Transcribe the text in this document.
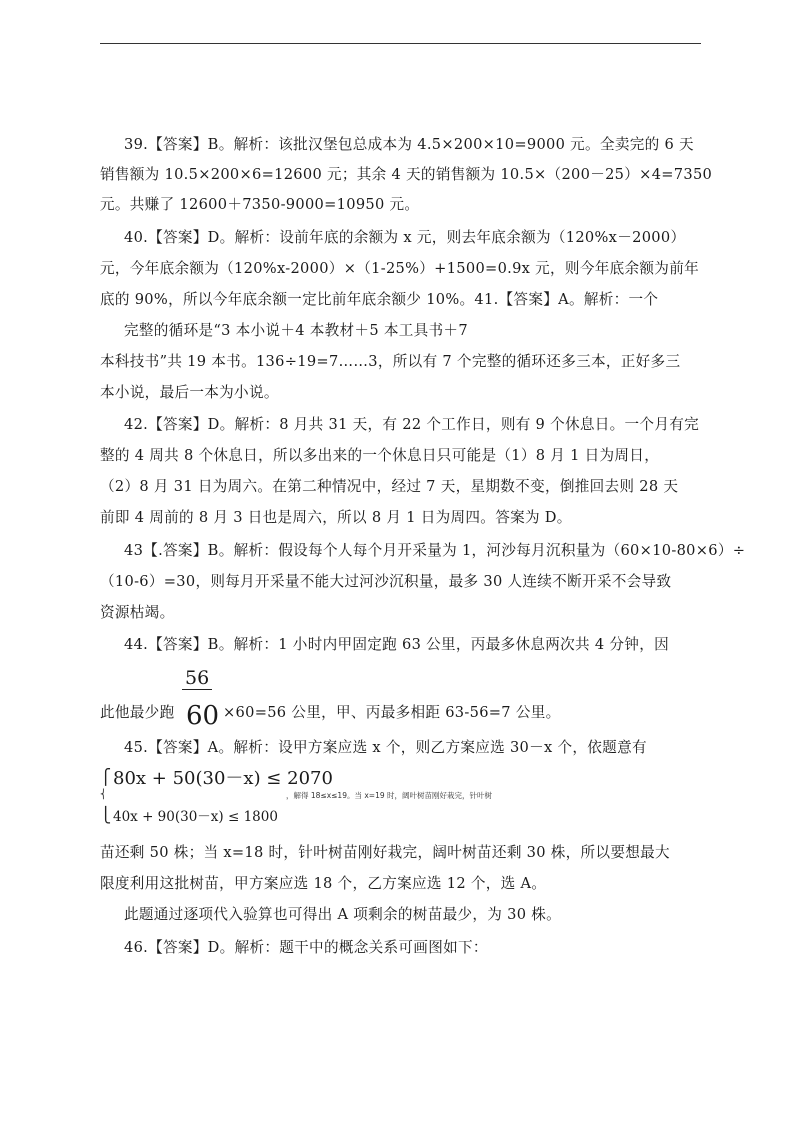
39.【答案】B。解析：该批汉堡包总成本为 4.5×200×10=9000 元。全卖完的 6 天
销售额为 10.5×200×6=12600 元；其余 4 天的销售额为 10.5×（200－25）×4=7350
元。共赚了 12600＋7350-9000=10950 元。
40.【答案】D。解析：设前年底的余额为 x 元，则去年底余额为（120%x－2000）
元，今年底余额为（120%x-2000）×（1-25%）+1500=0.9x 元，则今年底余额为前年
底的 90%，所以今年底余额一定比前年底余额少 10%。41.【答案】A。解析：一个
完整的循环是“3 本小说＋4 本教材＋5 本工具书＋7
本科技书”共 19 本书。136÷19=7……3，所以有 7 个完整的循环还多三本，正好多三
本小说，最后一本为小说。
42.【答案】D。解析：8 月共 31 天，有 22 个工作日，则有 9 个休息日。一个月有完
整的 4 周共 8 个休息日，所以多出来的一个休息日只可能是（1）8 月 1 日为周日，
（2）8 月 31 日为周六。在第二种情况中，经过 7 天，星期数不变，倒推回去则 28 天
前即 4 周前的 8 月 3 日也是周六，所以 8 月 1 日为周四。答案为 D。
43【.答案】B。解析：假设每个人每个月开采量为 1，河沙每月沉积量为（60×10-80×6）÷
（10-6）=30，则每月开采量不能大过河沙沉积量，最多 30 人连续不断开采不会导致
资源枯竭。
44.【答案】B。解析：1 小时内甲固定跑 63 公里，丙最多休息两次共 4 分钟，因
56
60
此他最少跑	×60=56 公里，甲、丙最多相距 63-56=7 公里。
45.【答案】A。解析：设甲方案应选 x 个，则乙方案应选 30－x 个，依题意有
⎧
⎨
⎩
80x + 50(30－x) ≤ 2070
，解得 18≤x≤19。当 x=19 时，阔叶树苗刚好栽完，针叶树
40x + 90(30－x) ≤ 1800
苗还剩 50 株；当 x=18 时，针叶树苗刚好栽完，阔叶树苗还剩 30 株，所以要想最大
限度利用这批树苗，甲方案应选 18 个，乙方案应选 12 个，选 A。
此题通过逐项代入验算也可得出 A 项剩余的树苗最少，为 30 株。
46.【答案】D。解析：题干中的概念关系可画图如下：
